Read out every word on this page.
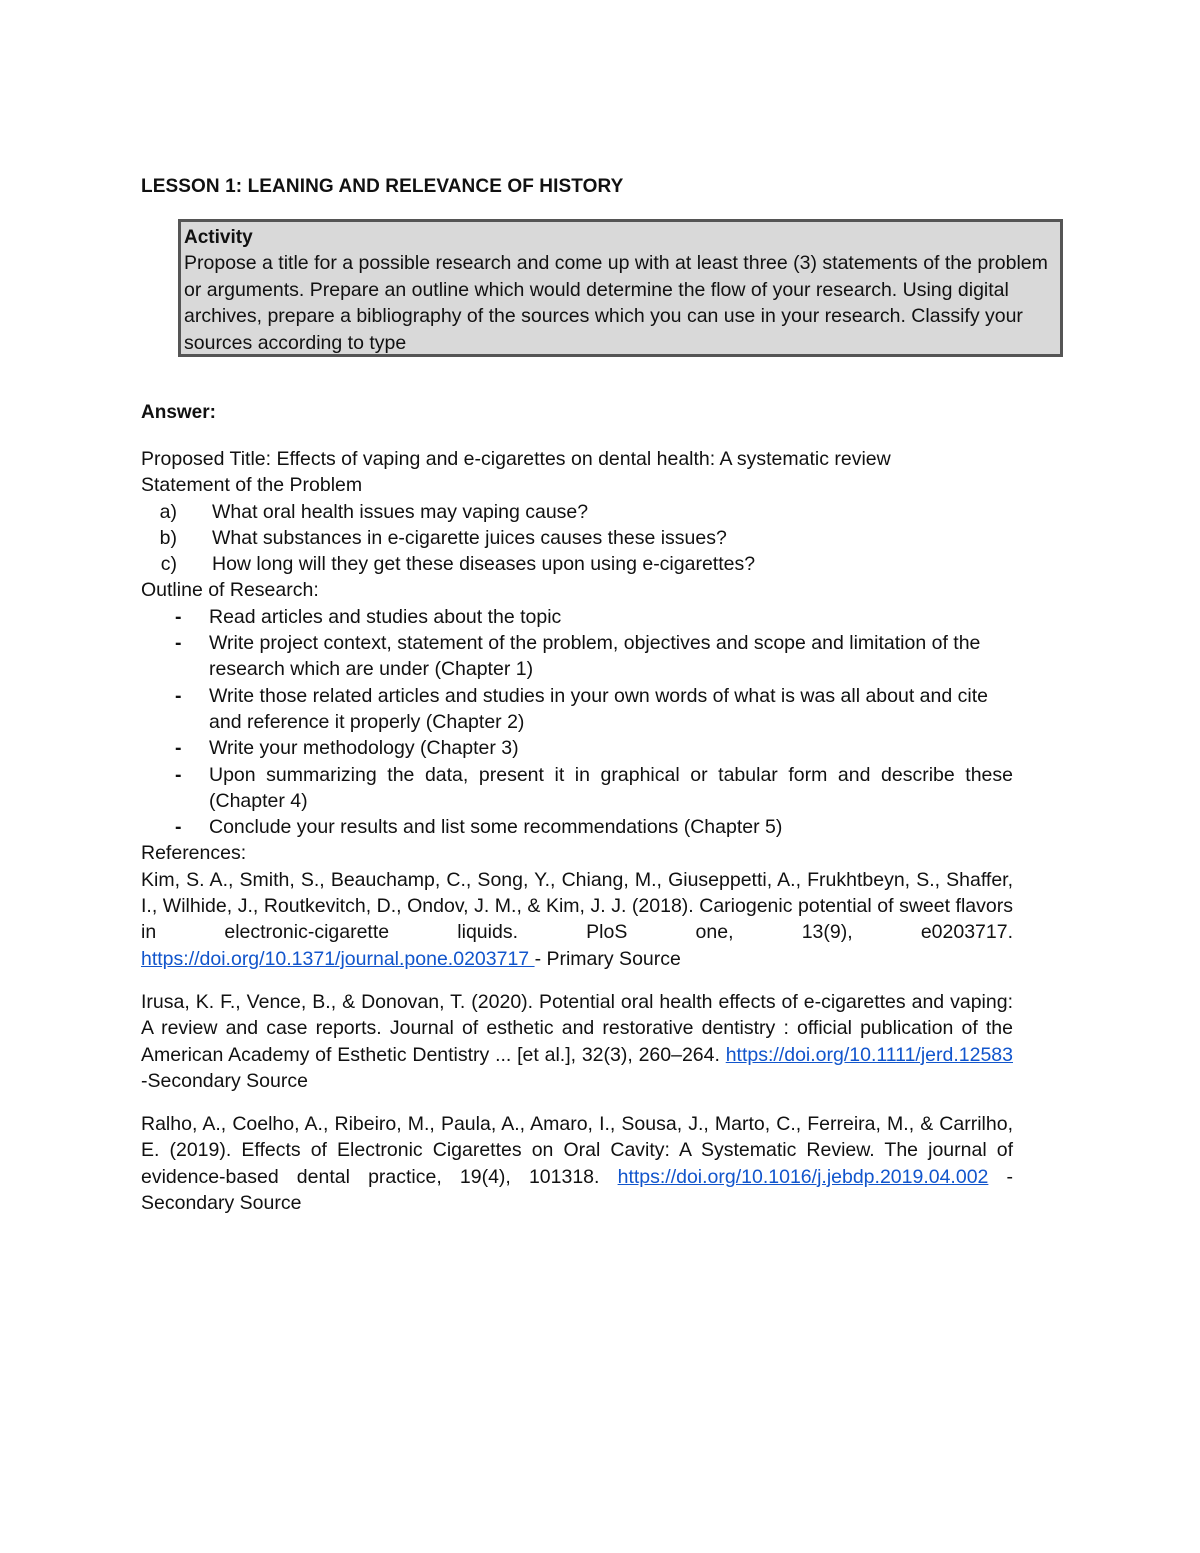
LESSON 1: LEANING AND RELEVANCE OF HISTORY

Activity

Propose a title for a possible research and come up with at least three (3) statements of the problem or arguments. Prepare an outline which would determine the flow of your research. Using digital archives, prepare a bibliography of the sources which you can use in your research. Classify your sources according to type

Answer:

Proposed Title: Effects of vaping and e-cigarettes on dental health: A systematic review

Statement of the Problem

a)	What oral health issues may vaping cause?
b)	What substances in e-cigarette juices causes these issues?
c)	How long will they get these diseases upon using e-cigarettes?

Outline of Research:

-	Read articles and studies about the topic
-	Write project context, statement of the problem, objectives and scope and limitation of the research which are under (Chapter 1)
-	Write those related articles and studies in your own words of what is was all about and cite and reference it properly (Chapter 2)
-	Write your methodology (Chapter 3)
-	Upon summarizing the data, present it in graphical or tabular form and describe these (Chapter 4)
-	Conclude your results and list some recommendations (Chapter 5)

References:

Kim, S. A., Smith, S., Beauchamp, C., Song, Y., Chiang, M., Giuseppetti, A., Frukhtbeyn, S., Shaffer, I., Wilhide, J., Routkevitch, D., Ondov, J. M., & Kim, J. J. (2018). Cariogenic potential of sweet flavors in electronic-cigarette liquids. PloS one, 13(9), e0203717. https://doi.org/10.1371/journal.pone.0203717 - Primary Source

Irusa, K. F., Vence, B., & Donovan, T. (2020). Potential oral health effects of e-cigarettes and vaping: A review and case reports. Journal of esthetic and restorative dentistry : official publication of the American Academy of Esthetic Dentistry ... [et al.], 32(3), 260–264. https://doi.org/10.1111/jerd.12583 -Secondary Source

Ralho, A., Coelho, A., Ribeiro, M., Paula, A., Amaro, I., Sousa, J., Marto, C., Ferreira, M., & Carrilho, E. (2019). Effects of Electronic Cigarettes on Oral Cavity: A Systematic Review. The journal of evidence-based dental practice, 19(4), 101318. https://doi.org/10.1016/j.jebdp.2019.04.002 -Secondary Source
